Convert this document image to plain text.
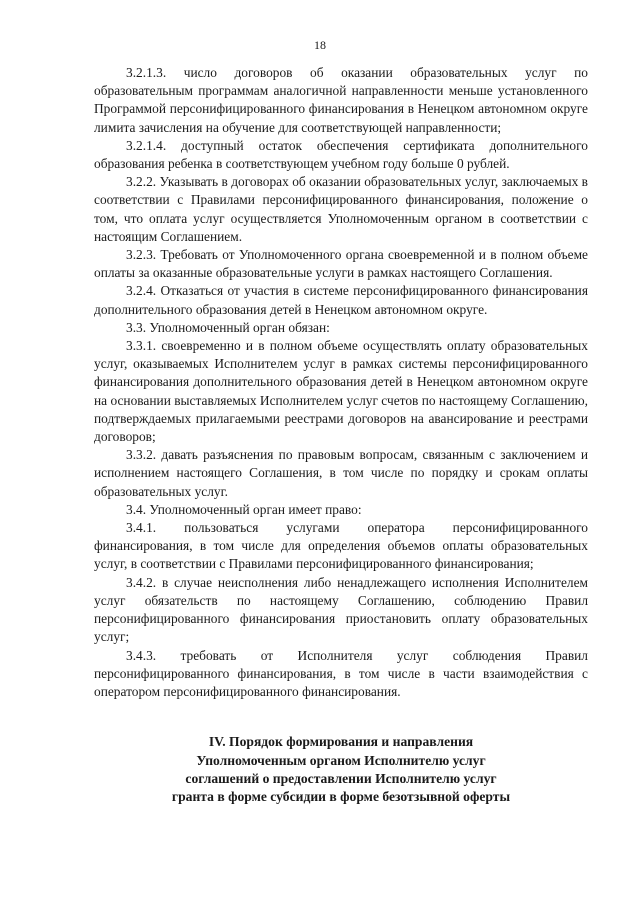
18

3.2.1.3. число договоров об оказании образовательных услуг по образовательным программам аналогичной направленности меньше установленного Программой персонифицированного финансирования в Ненецком автономном округе лимита зачисления на обучение для соответствующей направленности;

3.2.1.4. доступный остаток обеспечения сертификата дополнительного образования ребенка в соответствующем учебном году больше 0 рублей.

3.2.2. Указывать в договорах об оказании образовательных услуг, заключаемых в соответствии с Правилами персонифицированного финансирования, положение о том, что оплата услуг осуществляется Уполномоченным органом в соответствии с настоящим Соглашением.

3.2.3. Требовать от Уполномоченного органа своевременной и в полном объеме оплаты за оказанные образовательные услуги в рамках настоящего Соглашения.

3.2.4. Отказаться от участия в системе персонифицированного финансирования дополнительного образования детей в Ненецком автономном округе.

3.3. Уполномоченный орган обязан:

3.3.1. своевременно и в полном объеме осуществлять оплату образовательных услуг, оказываемых Исполнителем услуг в рамках системы персонифицированного финансирования дополнительного образования детей в Ненецком автономном округе на основании выставляемых Исполнителем услуг счетов по настоящему Соглашению, подтверждаемых прилагаемыми реестрами договоров на авансирование и реестрами договоров;

3.3.2. давать разъяснения по правовым вопросам, связанным с заключением и исполнением настоящего Соглашения, в том числе по порядку и срокам оплаты образовательных услуг.

3.4. Уполномоченный орган имеет право:

3.4.1. пользоваться услугами оператора персонифицированного финансирования, в том числе для определения объемов оплаты образовательных услуг, в соответствии с Правилами персонифицированного финансирования;

3.4.2. в случае неисполнения либо ненадлежащего исполнения Исполнителем услуг обязательств по настоящему Соглашению, соблюдению Правил персонифицированного финансирования приостановить оплату образовательных услуг;

3.4.3. требовать от Исполнителя услуг соблюдения Правил персонифицированного финансирования, в том числе в части взаимодействия с оператором персонифицированного финансирования.

IV. Порядок формирования и направления
Уполномоченным органом Исполнителю услуг
соглашений о предоставлении Исполнителю услуг
гранта в форме субсидии в форме безотзывной оферты
